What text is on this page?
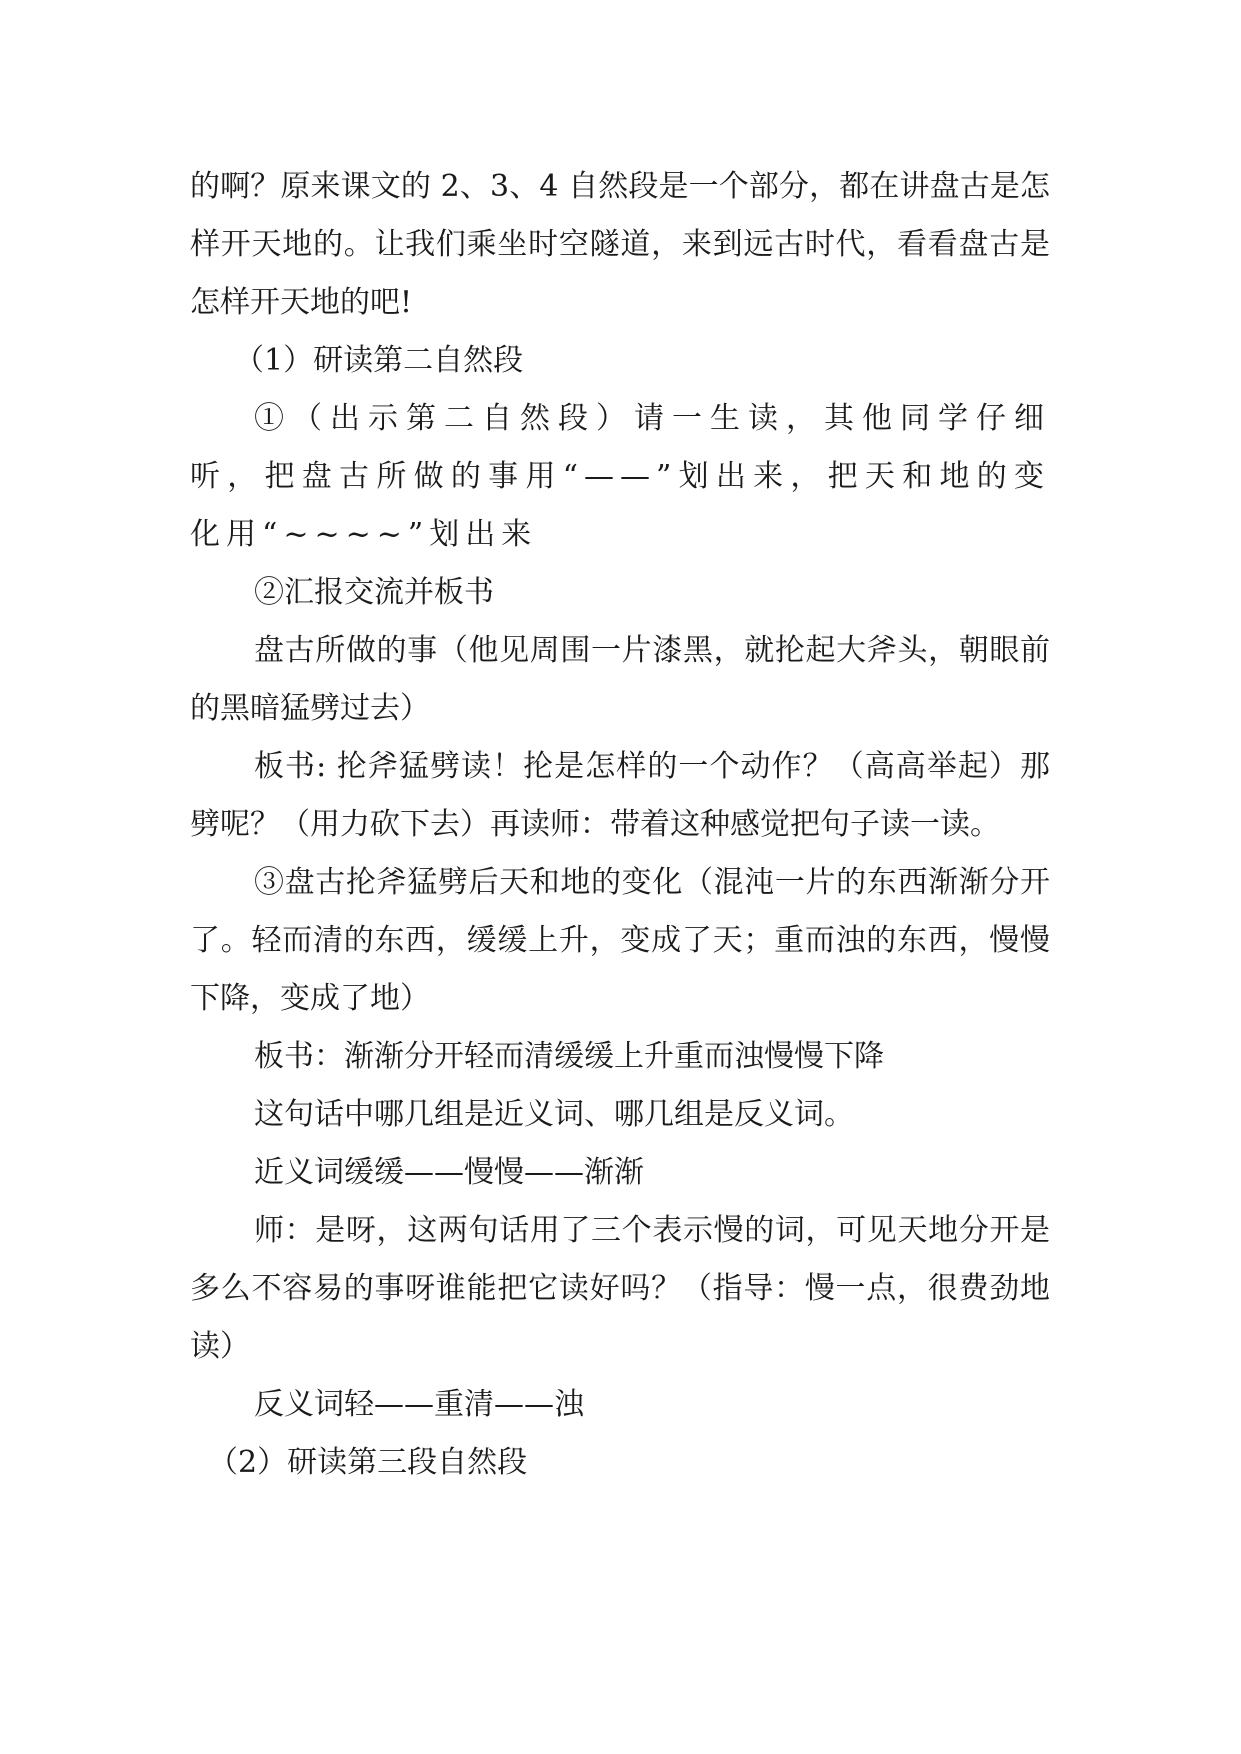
的啊？原来课文的 2、3、4 自然段是一个部分，都在讲盘古是怎样开天地的。让我们乘坐时空隧道，来到远古时代，看看盘古是怎样开天地的吧!

（1）研读第二自然段

①（出示第二自然段）请一生读，其他同学仔细听，把盘古所做的事用“——”划出来，把天和地的变化用“~~~~”划出来

②汇报交流并板书

盘古所做的事（他见周围一片漆黑，就抡起大斧头，朝眼前的黑暗猛劈过去）

板书: 抡斧猛劈读！抡是怎样的一个动作？（高高举起）那劈呢？（用力砍下去）再读师：带着这种感觉把句子读一读。

③盘古抡斧猛劈后天和地的变化（混沌一片的东西渐渐分开了。轻而清的东西，缓缓上升，变成了天；重而浊的东西，慢慢下降，变成了地）

板书：渐渐分开轻而清缓缓上升重而浊慢慢下降

这句话中哪几组是近义词、哪几组是反义词。

近义词缓缓——慢慢——渐渐

师：是呀，这两句话用了三个表示慢的词，可见天地分开是多么不容易的事呀谁能把它读好吗？（指导：慢一点，很费劲地读）

反义词轻——重清——浊

（2）研读第三段自然段
